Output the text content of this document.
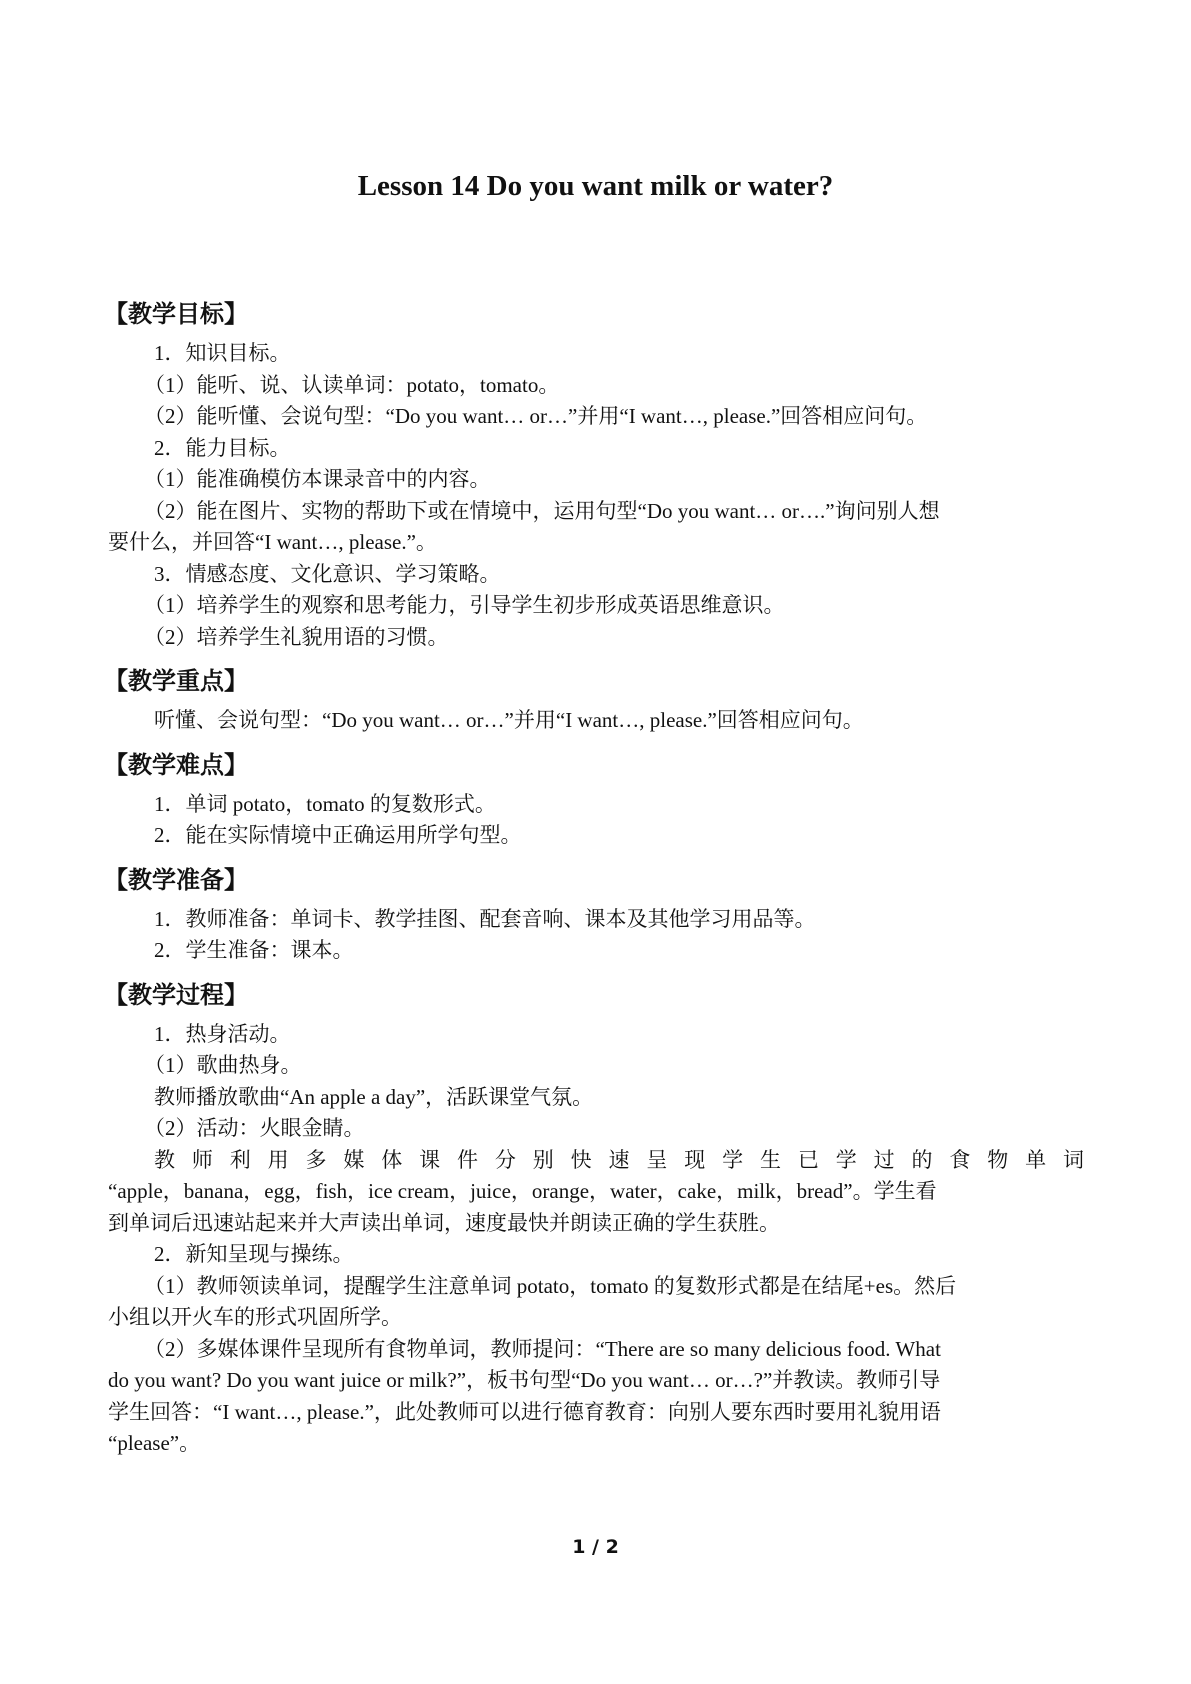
Lesson 14 Do you want milk or water?
【教学目标】

1．知识目标。

（1）能听、说、认读单词：potato，tomato。

（2）能听懂、会说句型：“Do you want… or…”并用“I want…, please.”回答相应问句。

2．能力目标。

（1）能准确模仿本课录音中的内容。

（2）能在图片、实物的帮助下或在情境中，运用句型“Do you want… or….”询问别人想

要什么，并回答“I want…, please.”。

3．情感态度、文化意识、学习策略。

（1）培养学生的观察和思考能力，引导学生初步形成英语思维意识。

（2）培养学生礼貌用语的习惯。

【教学重点】

听懂、会说句型：“Do you want… or…”并用“I want…, please.”回答相应问句。

【教学难点】

1．单词 potato，tomato 的复数形式。

2．能在实际情境中正确运用所学句型。

【教学准备】

1．教师准备：单词卡、教学挂图、配套音响、课本及其他学习用品等。

2．学生准备：课本。

【教学过程】

1．热身活动。

（1）歌曲热身。

教师播放歌曲“An apple a day”，活跃课堂气氛。

（2）活动：火眼金睛。

教 师 利 用 多 媒 体 课 件 分 别 快 速 呈 现 学 生 已 学 过 的 食 物 单 词

“apple，banana，egg，fish，ice cream，juice，orange，water，cake，milk，bread”。学生看

到单词后迅速站起来并大声读出单词，速度最快并朗读正确的学生获胜。

2．新知呈现与操练。

（1）教师领读单词，提醒学生注意单词 potato，tomato 的复数形式都是在结尾+es。然后

小组以开火车的形式巩固所学。

（2）多媒体课件呈现所有食物单词，教师提问：“There are so many delicious food. What

do you want? Do you want juice or milk?”，板书句型“Do you want… or…?”并教读。教师引导

学生回答：“I want…, please.”，此处教师可以进行德育教育：向别人要东西时要用礼貌用语

“please”。

1 / 2
